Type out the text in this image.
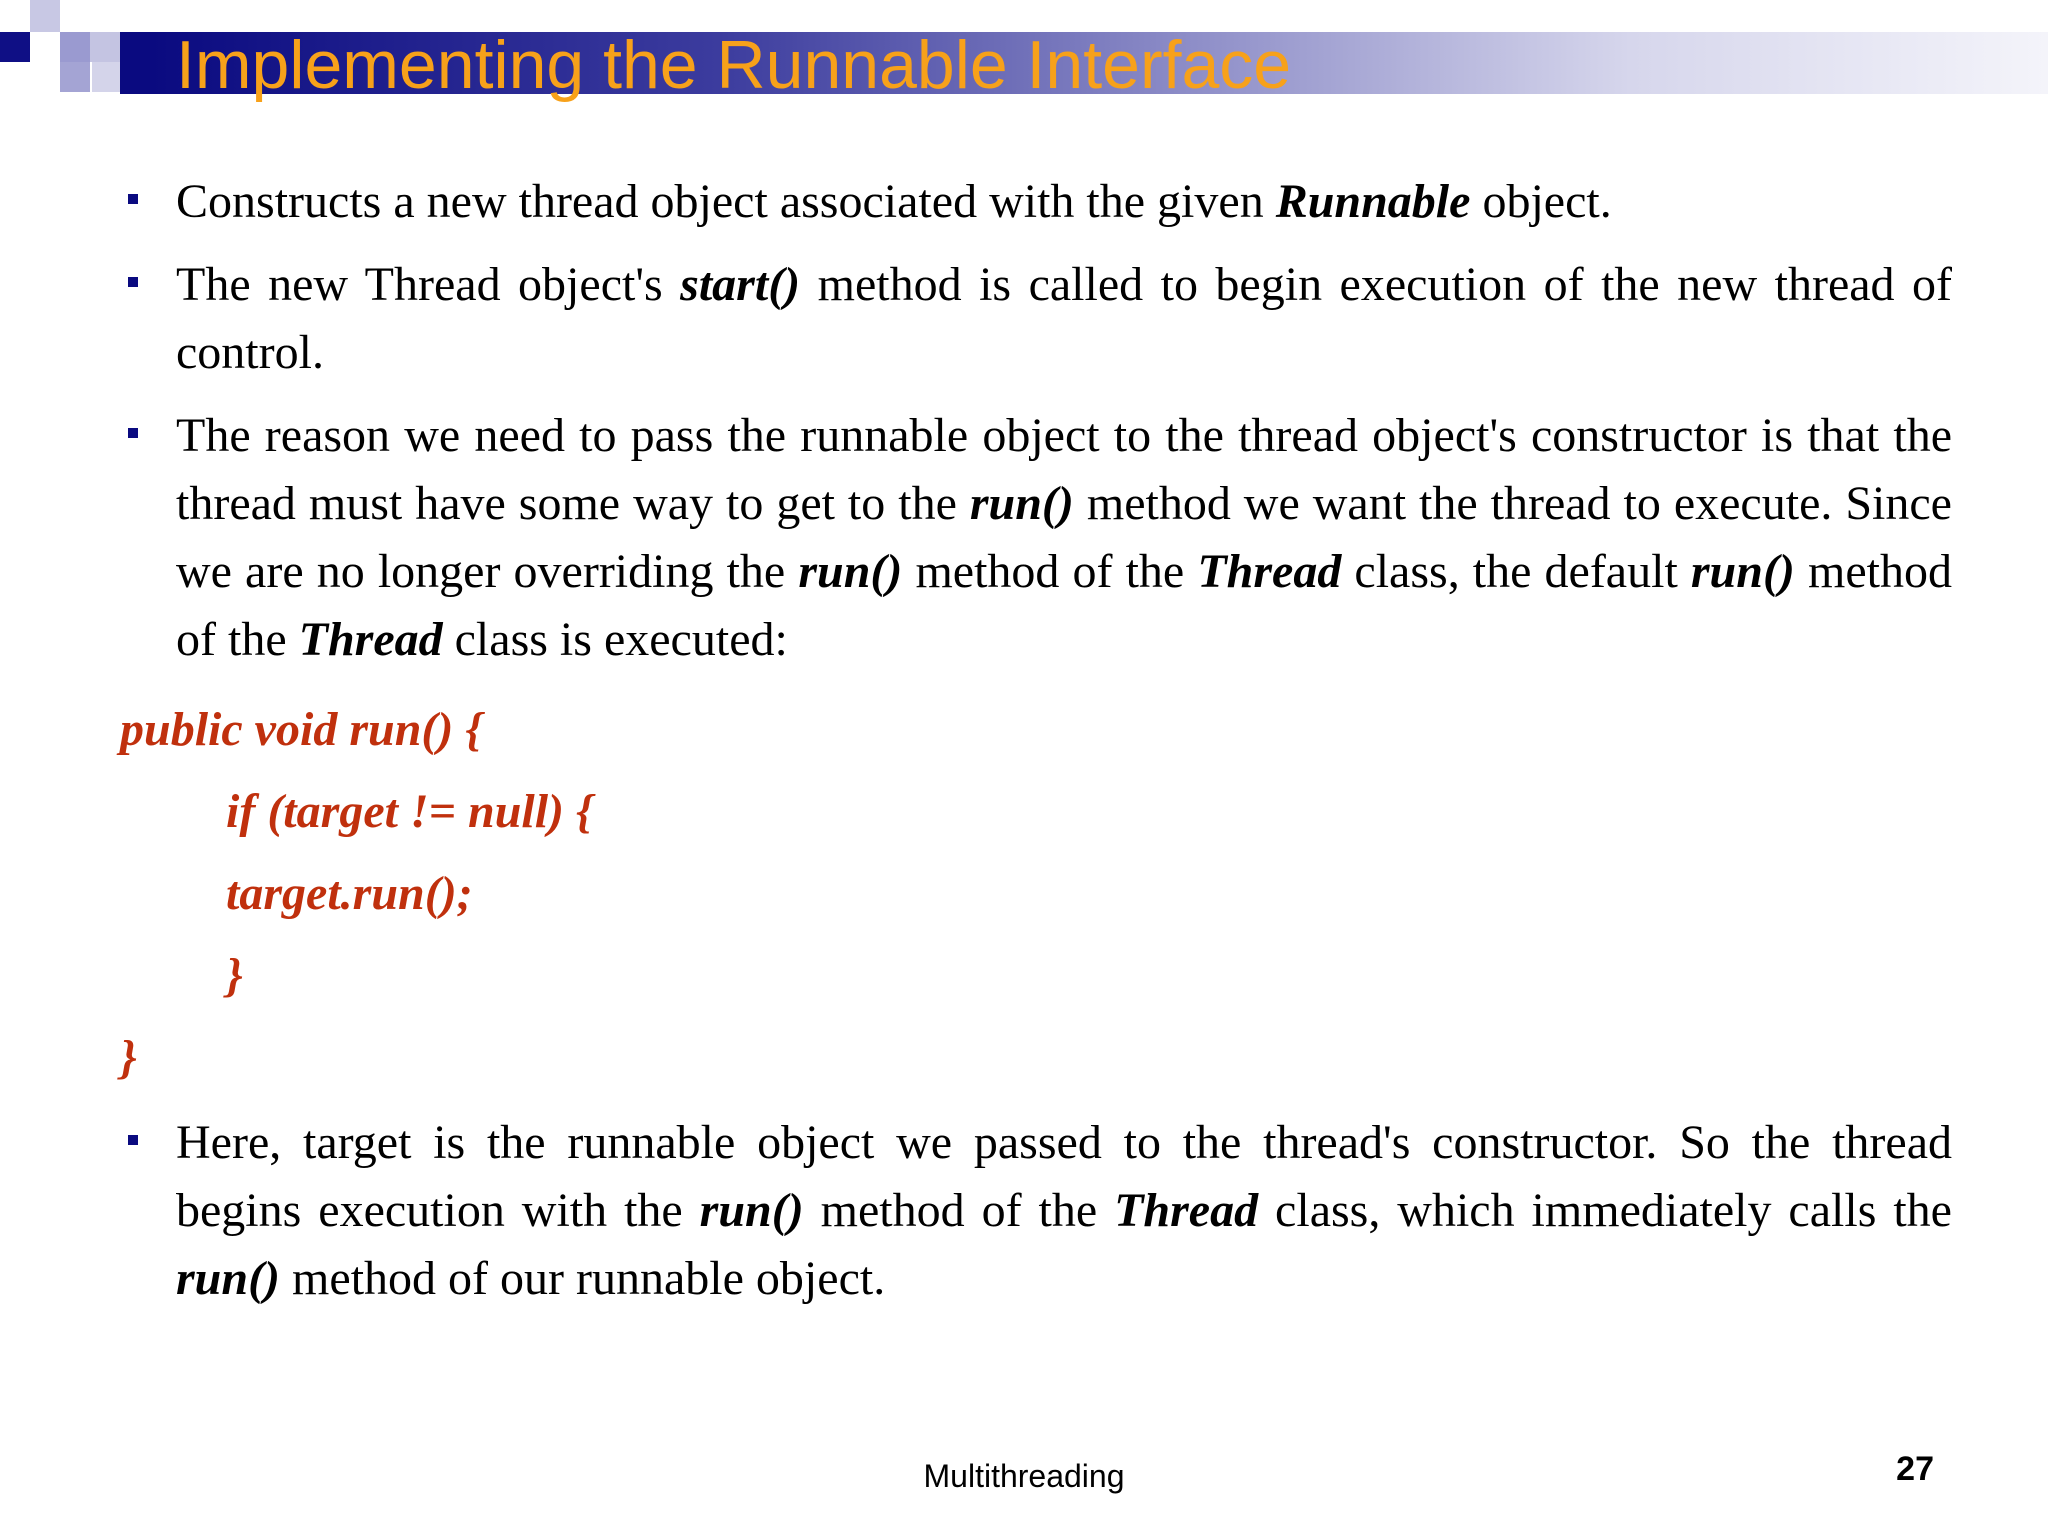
Implementing the Runnable Interface

Constructs a new thread object associated with the given Runnable object.

The new Thread object's start() method is called to begin execution of the new thread of control.

The reason we need to pass the runnable object to the thread object's constructor is that the thread must have some way to get to the run() method we want the thread to execute. Since we are no longer overriding the run() method of the Thread class, the default run() method of the Thread class is executed:

public void run() {
if (target != null) {
target.run();
}
}

Here, target is the runnable object we passed to the thread's constructor. So the thread begins execution with the run() method of the Thread class, which immediately calls the run() method of our runnable object.

Multithreading	27
